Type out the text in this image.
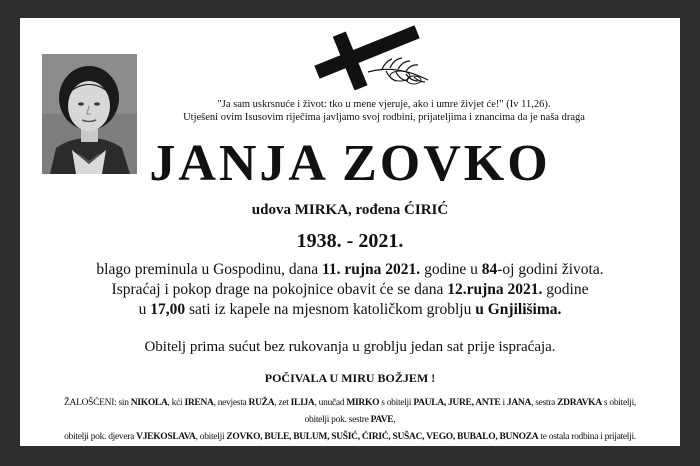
"Ja sam uskrsnuće i život: tko u mene vjeruje, ako i umre živjet će!" (Iv 11,26).
Utješeni ovim Isusovim riječima javljamo svoj rodbini, prijateljima i znancima da je naša draga
JANJA ZOVKO
udova MIRKA, rođena ĆIRIĆ
1938. - 2021.
blago preminula u Gospodinu, dana 11. rujna 2021. godine u 84-oj godini života.
Ispraćaj i pokop drage na pokojnice obavit će se dana 12.rujna 2021. godine
u 17,00 sati iz kapele na mjesnom katoličkom groblju u Gnjilišima.
Obitelj prima sućut bez rukovanja u groblju jedan sat prije ispraćaja.
POČIVALA U MIRU BOŽJEM !
ŽALOŠĆENI: sin NIKOLA, kći IRENA, nevjesta RUŽA, zet ILIJA, unučad MIRKO s obitelji PAULA, JURE, ANTE i JANA, sestra ZDRAVKA s obitelji, obitelji pok. sestre PAVE,
obitelji pok. djevera VJEKOSLAVA, obitelji ZOVKO, BULE, BULUM, SUŠIĆ, ĆIRIĆ, SUŠAC, VEGO, BUBALO, BUNOZA te ostala rodbina i prijatelji.
